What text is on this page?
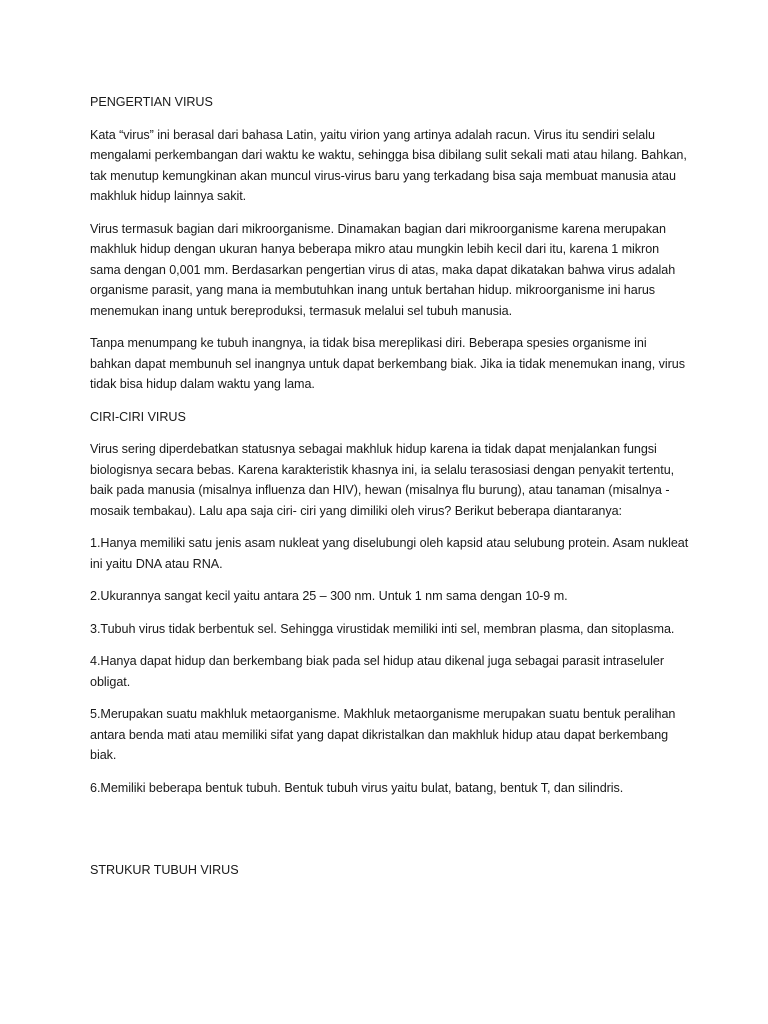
PENGERTIAN VIRUS

Kata “virus” ini berasal dari bahasa Latin, yaitu virion yang artinya adalah racun. Virus itu sendiri selalu mengalami perkembangan dari waktu ke waktu, sehingga bisa dibilang sulit sekali mati atau hilang. Bahkan, tak menutup kemungkinan akan muncul virus-virus baru yang terkadang bisa saja membuat manusia atau makhluk hidup lainnya sakit.

Virus termasuk bagian dari mikroorganisme. Dinamakan bagian dari mikroorganisme karena merupakan makhluk hidup dengan ukuran hanya beberapa mikro atau mungkin lebih kecil dari itu, karena 1 mikron sama dengan 0,001 mm. Berdasarkan pengertian virus di atas, maka dapat dikatakan bahwa virus adalah organisme parasit, yang mana ia membutuhkan inang untuk bertahan hidup. mikroorganisme ini harus menemukan inang untuk bereproduksi, termasuk melalui sel tubuh manusia.

Tanpa menumpang ke tubuh inangnya, ia tidak bisa mereplikasi diri. Beberapa spesies organisme ini bahkan dapat membunuh sel inangnya untuk dapat berkembang biak. Jika ia tidak menemukan inang, virus tidak bisa hidup dalam waktu yang lama.

CIRI-CIRI VIRUS

Virus sering diperdebatkan statusnya sebagai makhluk hidup karena ia tidak dapat menjalankan fungsi biologisnya secara bebas. Karena karakteristik khasnya ini, ia selalu terasosiasi dengan penyakit tertentu, baik pada manusia (misalnya influenza dan HIV), hewan (misalnya flu burung), atau tanaman (misalnya - mosaik tembakau). Lalu apa saja ciri- ciri yang dimiliki oleh virus? Berikut beberapa diantaranya:

1.Hanya memiliki satu jenis asam nukleat yang diselubungi oleh kapsid atau selubung protein. Asam nukleat ini yaitu DNA atau RNA.

2.Ukurannya sangat kecil yaitu antara 25 – 300 nm. Untuk 1 nm sama dengan 10-9 m.

3.Tubuh virus tidak berbentuk sel. Sehingga virustidak memiliki inti sel, membran plasma, dan sitoplasma.

4.Hanya dapat hidup dan berkembang biak pada sel hidup atau dikenal juga sebagai parasit intraseluler obligat.

5.Merupakan suatu makhluk metaorganisme. Makhluk metaorganisme merupakan suatu bentuk peralihan antara benda mati atau memiliki sifat yang dapat dikristalkan dan makhluk hidup atau dapat berkembang biak.

6.Memiliki beberapa bentuk tubuh. Bentuk tubuh virus yaitu bulat, batang, bentuk T, dan silindris.

STRUKUR TUBUH VIRUS
